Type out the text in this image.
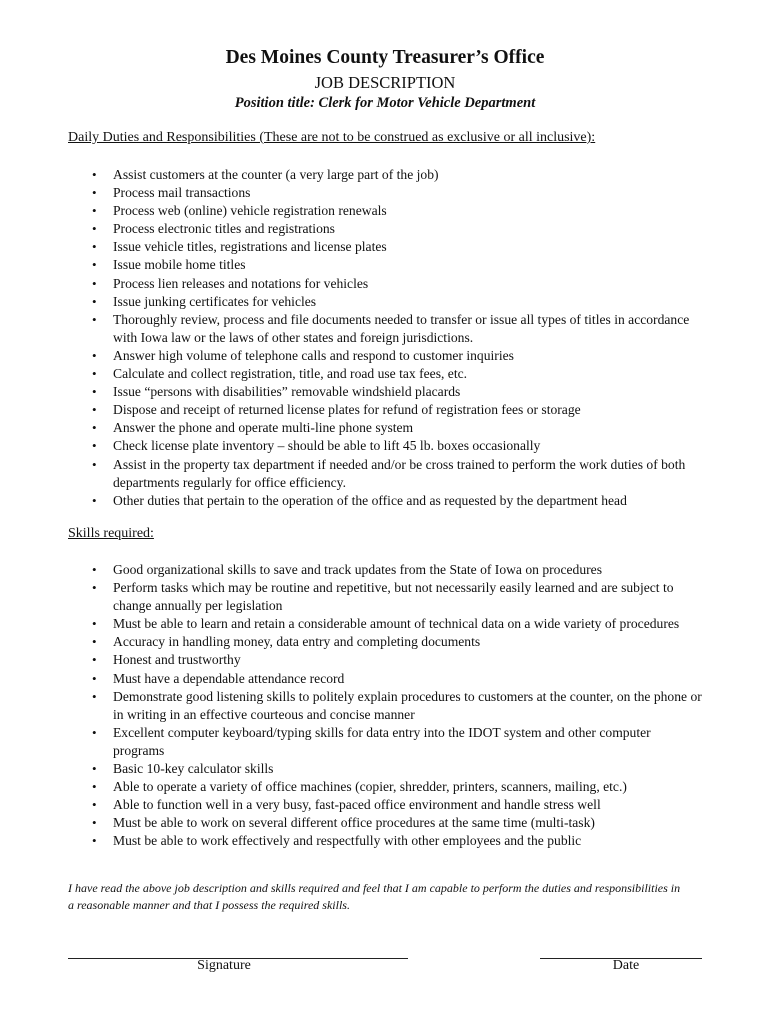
Des Moines County Treasurer’s Office
JOB DESCRIPTION
Position title: Clerk for Motor Vehicle Department

Daily Duties and Responsibilities (These are not to be construed as exclusive or all inclusive):

• Assist customers at the counter (a very large part of the job)
• Process mail transactions
• Process web (online) vehicle registration renewals
• Process electronic titles and registrations
• Issue vehicle titles, registrations and license plates
• Issue mobile home titles
• Process lien releases and notations for vehicles
• Issue junking certificates for vehicles
• Thoroughly review, process and file documents needed to transfer or issue all types of titles in accordance with Iowa law or the laws of other states and foreign jurisdictions.
• Answer high volume of telephone calls and respond to customer inquiries
• Calculate and collect registration, title, and road use tax fees, etc.
• Issue “persons with disabilities” removable windshield placards
• Dispose and receipt of returned license plates for refund of registration fees or storage
• Answer the phone and operate multi-line phone system
• Check license plate inventory – should be able to lift 45 lb. boxes occasionally
• Assist in the property tax department if needed and/or be cross trained to perform the work duties of both departments regularly for office efficiency.
• Other duties that pertain to the operation of the office and as requested by the department head

Skills required:

• Good organizational skills to save and track updates from the State of Iowa on procedures
• Perform tasks which may be routine and repetitive, but not necessarily easily learned and are subject to change annually per legislation
• Must be able to learn and retain a considerable amount of technical data on a wide variety of procedures
• Accuracy in handling money, data entry and completing documents
• Honest and trustworthy
• Must have a dependable attendance record
• Demonstrate good listening skills to politely explain procedures to customers at the counter, on the phone or in writing in an effective courteous and concise manner
• Excellent computer keyboard/typing skills for data entry into the IDOT system and other computer programs
• Basic 10-key calculator skills
• Able to operate a variety of office machines (copier, shredder, printers, scanners, mailing, etc.)
• Able to function well in a very busy, fast-paced office environment and handle stress well
• Must be able to work on several different office procedures at the same time (multi-task)
• Must be able to work effectively and respectfully with other employees and the public

I have read the above job description and skills required and feel that I am capable to perform the duties and responsibilities in a reasonable manner and that I possess the required skills.

Signature	Date
